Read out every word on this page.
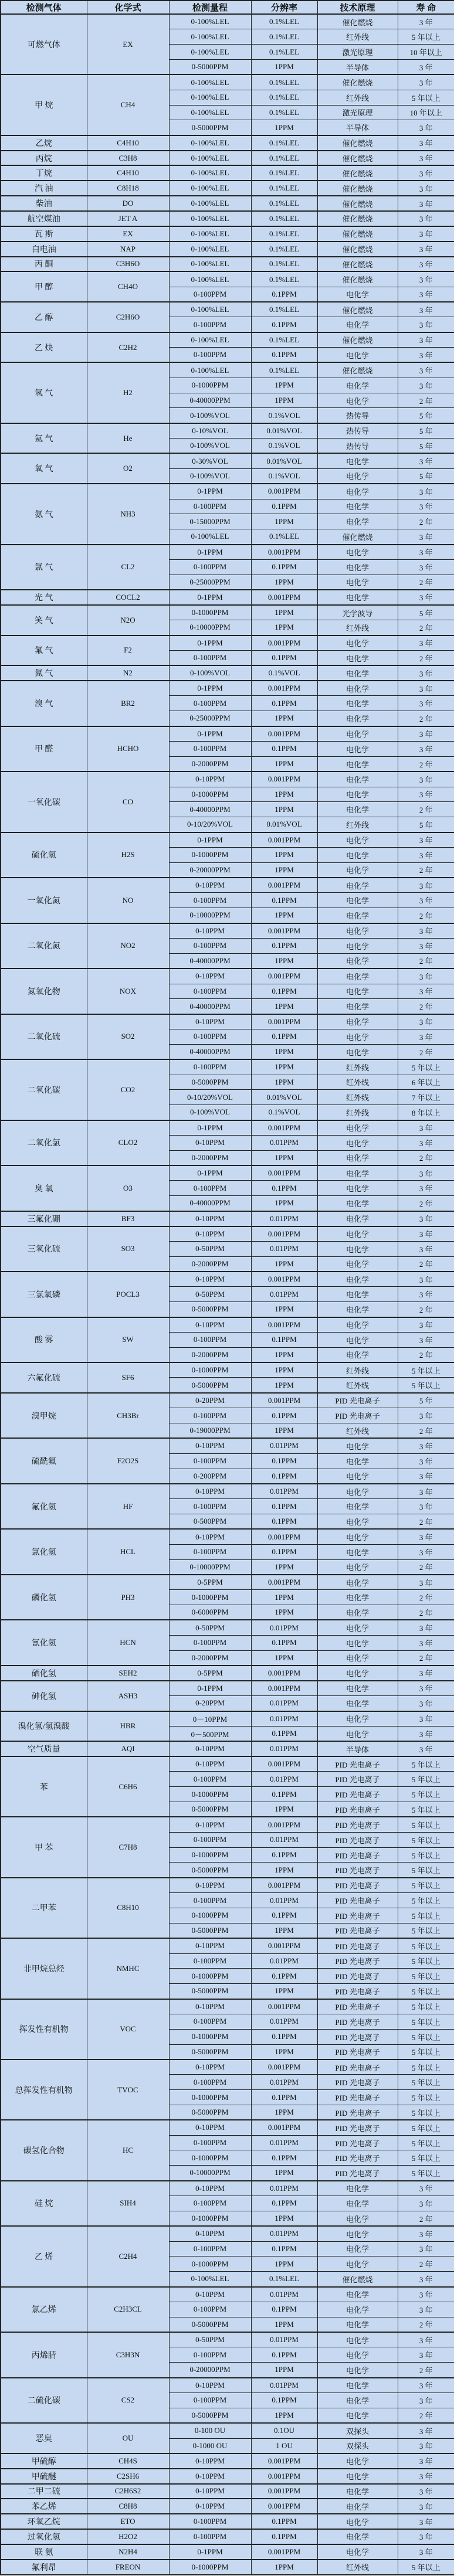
检测气体	化学式	检测量程	分辨率	技术原理	寿 命
可燃气体	EX	0-100%LEL	0.1%LEL	催化燃烧	3 年
		0-100%LEL	0.1%LEL	红外线	5 年以上
		0-100%LEL	0.1%LEL	激光原理	10 年以上
		0-5000PPM	1PPM	半导体	3 年
甲 烷	CH4	0-100%LEL	0.1%LEL	催化燃烧	3 年
		0-100%LEL	0.1%LEL	红外线	5 年以上
		0-100%LEL	0.1%LEL	激光原理	10 年以上
		0-5000PPM	1PPM	半导体	3 年
乙烷	C4H10	0-100%LEL	0.1%LEL	催化燃烧	3 年
丙烷	C3H8	0-100%LEL	0.1%LEL	催化燃烧	3 年
丁烷	C4H10	0-100%LEL	0.1%LEL	催化燃烧	3 年
汽 油	C8H18	0-100%LEL	0.1%LEL	催化燃烧	3 年
柴油	DO	0-100%LEL	0.1%LEL	催化燃烧	3 年
航空煤油	JET A	0-100%LEL	0.1%LEL	催化燃烧	3 年
瓦 斯	EX	0-100%LEL	0.1%LEL	催化燃烧	3 年
白电油	NAP	0-100%LEL	0.1%LEL	催化燃烧	3 年
丙 酮	C3H6O	0-100%LEL	0.1%LEL	催化燃烧	3 年
甲 醇	CH4O	0-100%LEL	0.1%LEL	催化燃烧	3 年
		0-100PPM	0.1PPM	电化学	3 年
乙 醇	C2H6O	0-100%LEL	0.1%LEL	催化燃烧	3 年
		0-100PPM	0.1PPM	电化学	3 年
乙 炔	C2H2	0-100%LEL	0.1%LEL	催化燃烧	3 年
		0-100PPM	0.1PPM	电化学	3 年
氢 气	H2	0-100%LEL	0.1%LEL	催化燃烧	3 年
		0-1000PPM	1PPM	电化学	3 年
		0-40000PPM	1PPM	电化学	2 年
		0-100%VOL	0.1%VOL	热传导	5 年
氦 气	He	0-10%VOL	0.01%VOL	热传导	5 年
		0-100%VOL	0.1%VOL	热传导	5 年
氧 气	O2	0-30%VOL	0.01%VOL	电化学	3 年
		0-100%VOL	0.1%VOL	电化学	5 年
氨 气	NH3	0-1PPM	0.001PPM	电化学	3 年
		0-100PPM	0.1PPM	电化学	3 年
		0-15000PPM	1PPM	电化学	2 年
		0-100%LEL	0.1%LEL	催化燃烧	3 年
氯 气	CL2	0-1PPM	0.001PPM	电化学	3 年
		0-100PPM	0.1PPM	电化学	3 年
		0-25000PPM	1PPM	电化学	2 年
光 气	COCL2	0-1PPM	0.001PPM	电化学	3 年
笑 气	N2O	0-1000PPM	1PPM	光学波导	5 年
		0-10000PPM	1PPM	红外线	2 年
氟 气	F2	0-1PPM	0.001PPM	电化学	3 年
		0-100PPM	0.1PPM	电化学	2 年
氮 气	N2	0-100%VOL	0.1%VOL	电化学	3 年
溴 气	BR2	0-1PPM	0.001PPM	电化学	3 年
		0-100PPM	0.1PPM	电化学	3 年
		0-25000PPM	1PPM	电化学	2 年
甲 醛	HCHO	0-1PPM	0.001PPM	电化学	3 年
		0-100PPM	0.1PPM	电化学	3 年
		0-2000PPM	1PPM	电化学	2 年
一氧化碳	CO	0-10PPM	0.001PPM	电化学	3 年
		0-1000PPM	1PPM	电化学	3 年
		0-40000PPM	1PPM	电化学	2 年
		0-10/20%VOL	0.01%VOL	红外线	5 年
硫化氢	H2S	0-1PPM	0.001PPM	电化学	3 年
		0-1000PPM	1PPM	电化学	3 年
		0-20000PPM	1PPM	电化学	2 年
一氧化氮	NO	0-10PPM	0.001PPM	电化学	3 年
		0-100PPM	0.1PPM	电化学	3 年
		0-10000PPM	1PPM	电化学	2 年
二氧化氮	NO2	0-10PPM	0.001PPM	电化学	3 年
		0-100PPM	0.1PPM	电化学	3 年
		0-40000PPM	1PPM	电化学	2 年
氮氧化物	NOX	0-10PPM	0.001PPM	电化学	3 年
		0-100PPM	0.1PPM	电化学	3 年
		0-40000PPM	1PPM	电化学	2 年
二氧化硫	SO2	0-10PPM	0.001PPM	电化学	3 年
		0-100PPM	0.1PPM	电化学	3 年
		0-40000PPM	1PPM	电化学	2 年
二氧化碳	CO2	0-100PPM	1PPM	红外线	5 年以上
		0-5000PPM	1PPM	红外线	6 年以上
		0-10/20%VOL	0.01%VOL	红外线	7 年以上
		0-100%VOL	0.1%VOL	红外线	8 年以上
二氧化氯	CLO2	0-1PPM	0.001PPM	电化学	3 年
		0-10PPM	0.01PPM	电化学	3 年
		0-2000PPM	1PPM	电化学	2 年
臭 氧	O3	0-1PPM	0.001PPM	电化学	3 年
		0-100PPM	0.1PPM	电化学	3 年
		0-40000PPM	1PPM	电化学	2 年
三氟化硼	BF3	0-10PPM	0.01PPM	电化学	3 年
三氧化硫	SO3	0-10PPM	0.001PPM	电化学	3 年
		0-50PPM	0.01PPM	电化学	3 年
		0-2000PPM	1PPM	电化学	2 年
三氯氧磷	POCL3	0-10PPM	0.001PPM	电化学	3 年
		0-50PPM	0.01PPM	电化学	3 年
		0-5000PPM	1PPM	电化学	2 年
酸 雾	SW	0-10PPM	0.001PPM	电化学	3 年
		0-100PPM	0.1PPM	电化学	3 年
		0-2000PPM	1PPM	电化学	2 年
六氟化硫	SF6	0-1000PPM	1PPM	红外线	5 年以上
		0-5000PPM	1PPM	红外线	5 年以上
溴甲烷	CH3Br	0-20PPM	0.001PPM	PID 光电离子	5 年
		0-100PPM	0.1PPM	PID 光电离子	3 年
		0-19000PPM	1PPM	红外线	2 年
硫酰氟	F2O2S	0-10PPM	0.01PPM	电化学	3 年
		0-100PPM	0.1PPM	电化学	3 年
		0-200PPM	0.1PPM	电化学	3 年
氟化氢	HF	0-10PPM	0.01PPM	电化学	3 年
		0-100PPM	0.1PPM	电化学	3 年
		0-500PPM	0.1PPM	电化学	2 年
氯化氢	HCL	0-10PPM	0.001PPM	电化学	3 年
		0-100PPM	0.1PPM	电化学	3 年
		0-10000PPM	1PPM	电化学	2 年
磷化氢	PH3	0-5PPM	0.001PPM	电化学	3 年
		0-1000PPM	1PPM	电化学	2 年
		0-6000PPM	1PPM	电化学	2 年
氰化氢	HCN	0-50PPM	0.01PPM	电化学	3 年
		0-100PPM	0.1PPM	电化学	3 年
		0-2000PPM	1PPM	电化学	2 年
硒化氢	SEH2	0-5PPM	0.001PPM	电化学	3 年
砷化氢	ASH3	0-1PPM	0.001PPM	电化学	3 年
		0-20PPM	0.01PPM	电化学	3 年
溴化氢/氢溴酸	HBR	0－10PPM	0.01PPM	电化学	3 年
		0－500PPM	0.1PPM	电化学	3 年
空气质量	AQI	0-10PPM	0.01PPM	半导体	3 年
苯	C6H6	0-10PPM	0.001PPM	PID 光电离子	5 年以上
		0-100PPM	0.01PPM	PID 光电离子	5 年以上
		0-1000PPM	0.1PPM	PID 光电离子	5 年以上
		0-5000PPM	1PPM	PID 光电离子	5 年以上
甲 苯	C7H8	0-10PPM	0.001PPM	PID 光电离子	5 年以上
		0-100PPM	0.01PPM	PID 光电离子	5 年以上
		0-1000PPM	0.1PPM	PID 光电离子	5 年以上
		0-5000PPM	1PPM	PID 光电离子	5 年以上
二甲苯	C8H10	0-10PPM	0.001PPM	PID 光电离子	5 年以上
		0-100PPM	0.01PPM	PID 光电离子	5 年以上
		0-1000PPM	0.1PPM	PID 光电离子	5 年以上
		0-5000PPM	1PPM	PID 光电离子	5 年以上
非甲烷总烃	NMHC	0-10PPM	0.001PPM	PID 光电离子	5 年以上
		0-100PPM	0.01PPM	PID 光电离子	5 年以上
		0-1000PPM	0.1PPM	PID 光电离子	5 年以上
		0-5000PPM	1PPM	PID 光电离子	5 年以上
挥发性有机物	VOC	0-10PPM	0.001PPM	PID 光电离子	5 年以上
		0-100PPM	0.01PPM	PID 光电离子	5 年以上
		0-1000PPM	0.1PPM	PID 光电离子	5 年以上
		0-5000PPM	1PPM	PID 光电离子	5 年以上
总挥发性有机物	TVOC	0-10PPM	0.001PPM	PID 光电离子	5 年以上
		0-100PPM	0.01PPM	PID 光电离子	5 年以上
		0-1000PPM	0.1PPM	PID 光电离子	5 年以上
		0-5000PPM	1PPM	PID 光电离子	5 年以上
碳氢化合物	HC	0-10PPM	0.001PPM	PID 光电离子	5 年以上
		0-100PPM	0.01PPM	PID 光电离子	5 年以上
		0-1000PPM	0.1PPM	PID 光电离子	5 年以上
		0-10000PPM	1PPM	PID 光电离子	5 年以上
硅 烷	SIH4	0-10PPM	0.01PPM	电化学	3 年
		0-100PPM	0.1PPM	电化学	3 年
		0-1000PPM	1PPM	电化学	2 年
乙 烯	C2H4	0-10PPM	0.01PPM	电化学	3 年
		0-100PPM	0.1PPM	电化学	3 年
		0-1000PPM	1PPM	电化学	2 年
		0-100%LEL	0.1%LEL	催化燃烧	3 年
氯乙烯	C2H3CL	0-10PPM	0.01PPM	电化学	3 年
		0-100PPM	0.1PPM	电化学	3 年
		0-5000PPM	1PPM	电化学	2 年
丙烯腈	C3H3N	0-50PPM	0.01PPM	电化学	3 年
		0-100PPM	0.1PPM	电化学	3 年
		0-20000PPM	1PPM	电化学	2 年
二硫化碳	CS2	0-10PPM	0.01PPM	电化学	3 年
		0-100PPM	0.1PPM	电化学	3 年
		0-5000PPM	1PPM	电化学	2 年
恶臭	OU	0-100 OU	0.1OU	双探头	3 年
		0-1000 OU	1 OU	双探头	3 年
甲硫醇	CH4S	0-10PPM	0.001PPM	电化学	3 年
甲硫醚	C2SH6	0-10PPM	0.001PPM	电化学	3 年
二甲二硫	C2H6S2	0-10PPM	0.001PPM	电化学	3 年
苯乙烯	C8H8	0-10PPM	0.001PPM	电化学	3 年
环氧乙烷	ETO	0-100PPM	0.1PPM	电化学	3 年
过氧化氢	H2O2	0-100PPM	0.1PPM	电化学	3 年
联 氨	N2H4	0-1PPM	0.001PPM	电化学	3 年
氟利昂	FREON	0-1000PPM	1PPM	红外线	5 年以上
